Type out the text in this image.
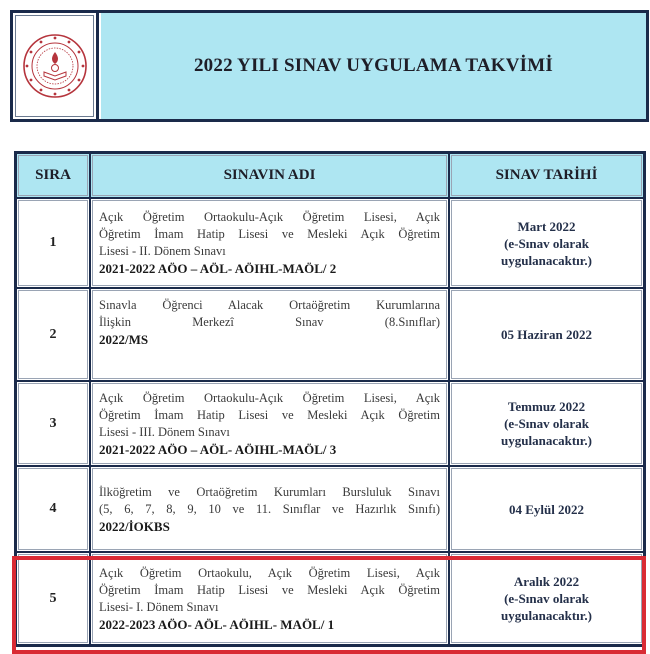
2022 YILI SINAV UYGULAMA TAKVİMİ
SIRA	SINAVIN ADI	SINAV TARİHİ
1	Açık Öğretim Ortaokulu-Açık Öğretim Lisesi, Açık
Öğretim İmam Hatip Lisesi ve Mesleki Açık Öğretim
Lisesi - II. Dönem Sınavı
2021-2022 AÖO – AÖL- AÖIHL-MAÖL/ 2	Mart 2022
(e-Sınav olarak
uygulanacaktır.)

2	Sınavla Öğrenci Alacak Ortaöğretim Kurumlarına
İlişkin Merkezî Sınav (8.Sınıflar)
2022/MS	05 Haziran 2022

3	Açık Öğretim Ortaokulu-Açık Öğretim Lisesi, Açık
Öğretim İmam Hatip Lisesi ve Mesleki Açık Öğretim
Lisesi - III. Dönem Sınavı
2021-2022 AÖO – AÖL- AÖIHL-MAÖL/ 3	Temmuz 2022
(e-Sınav olarak
uygulanacaktır.)

4	İlköğretim ve Ortaöğretim Kurumları Bursluluk Sınavı
(5, 6, 7, 8, 9, 10 ve 11. Sınıflar ve Hazırlık Sınıfı)
2022/İOKBS	04 Eylül 2022

5	Açık Öğretim Ortaokulu, Açık Öğretim Lisesi, Açık
Öğretim İmam Hatip Lisesi ve Mesleki Açık Öğretim
Lisesi- I. Dönem Sınavı
2022-2023 AÖO- AÖL- AÖIHL- MAÖL/ 1	Aralık 2022
(e-Sınav olarak
uygulanacaktır.)
